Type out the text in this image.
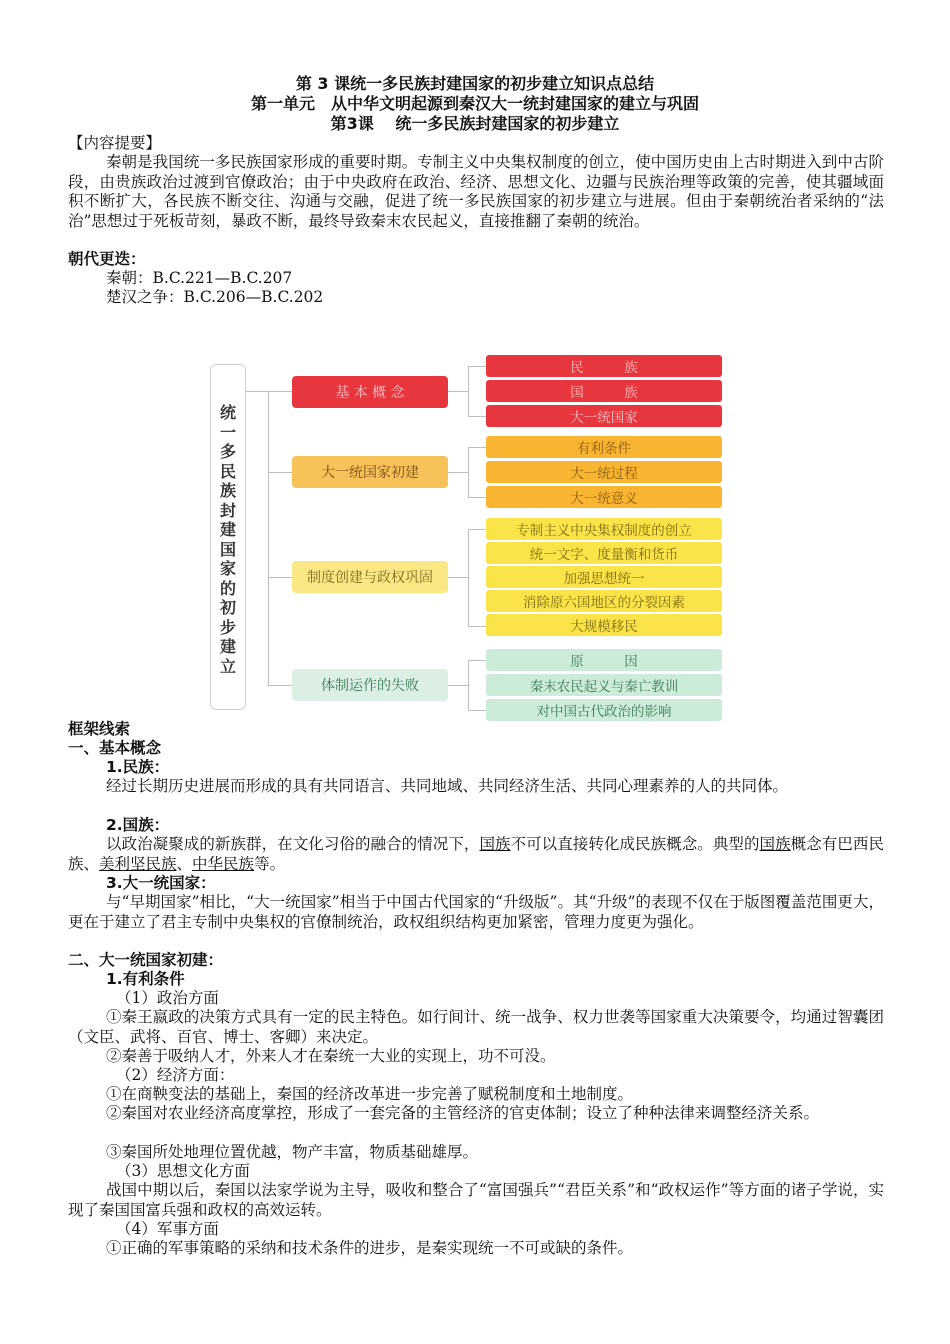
第 3 课统一多民族封建国家的初步建立知识点总结
第一单元　从中华文明起源到秦汉大一统封建国家的建立与巩固
第3课　 统一多民族封建国家的初步建立
【内容提要】
秦朝是我国统一多民族国家形成的重要时期。专制主义中央集权制度的创立，使中国历史由上古时期进入到中古阶段，由贵族政治过渡到官僚政治；由于中央政府在政治、经济、思想文化、边疆与民族治理等政策的完善，使其疆域面积不断扩大，各民族不断交往、沟通与交融，促进了统一多民族国家的初步建立与进展。但由于秦朝统治者采纳的“法治”思想过于死板苛刻，暴政不断，最终导致秦末农民起义，直接推翻了秦朝的统治。
朝代更迭：
秦朝：B.C.221—B.C.207
楚汉之争：B.C.206—B.C.202
统一多民族封建国家的初步建立
基 本 概 念
大一统国家初建
制度创建与政权巩固
体制运作的失败
民　　　族
国　　　族
大一统国家
有利条件
大一统过程
大一统意义
专制主义中央集权制度的创立
统一文字、度量衡和货币
加强思想统一
消除原六国地区的分裂因素
大规模移民
原　　　因
秦末农民起义与秦亡教训
对中国古代政治的影响
框架线索
一、基本概念
1.民族：
经过长期历史进展而形成的具有共同语言、共同地域、共同经济生活、共同心理素养的人的共同体。
2.国族：
以政治凝聚成的新族群，在文化习俗的融合的情况下，国族不可以直接转化成民族概念。典型的国族概念有巴西民族、美利坚民族、中华民族等。
3.大一统国家：
与“早期国家”相比，“大一统国家”相当于中国古代国家的“升级版”。其“升级”的表现不仅在于版图覆盖范围更大，更在于建立了君主专制中央集权的官僚制统治，政权组织结构更加紧密，管理力度更为强化。
二、大一统国家初建：
1.有利条件
（1）政治方面
①秦王嬴政的决策方式具有一定的民主特色。如行间计、统一战争、权力世袭等国家重大决策要令，均通过智囊团（文臣、武将、百官、博士、客卿）来决定。
②秦善于吸纳人才，外来人才在秦统一大业的实现上，功不可没。
（2）经济方面：
①在商鞅变法的基础上，秦国的经济改革进一步完善了赋税制度和土地制度。
②秦国对农业经济高度掌控，形成了一套完备的主管经济的官吏体制；设立了种种法律来调整经济关系。
③秦国所处地理位置优越，物产丰富，物质基础雄厚。
（3）思想文化方面
战国中期以后，秦国以法家学说为主导，吸收和整合了“富国强兵”“君臣关系”和“政权运作”等方面的诸子学说，实现了秦国国富兵强和政权的高效运转。
（4）军事方面
①正确的军事策略的采纳和技术条件的进步，是秦实现统一不可或缺的条件。
